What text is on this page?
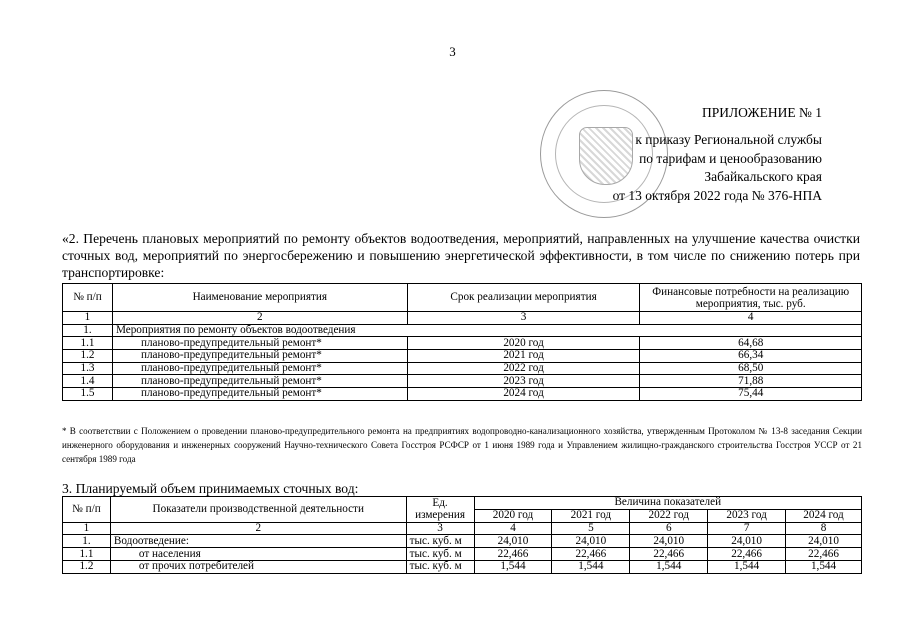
3
ПРИЛОЖЕНИЕ № 1
к приказу Региональной службы
по тарифам и ценообразованию
Забайкальского края
от 13 октября 2022 года № 376-НПА
«2. Перечень плановых мероприятий по ремонту объектов водоотведения, мероприятий, направленных на улучшение качества очистки сточных вод, мероприятий по энергосбережению и повышению энергетической эффективности, в том числе по снижению потерь при транспортировке:
№ п/п	Наименование мероприятия	Срок реализации мероприятия	Финансовые потребности на реализацию мероприятия, тыс. руб.
1	2	3	4
1.	Мероприятия по ремонту объектов водоотведения		
1.1	планово-предупредительный ремонт*	2020 год	64,68
1.2	планово-предупредительный ремонт*	2021 год	66,34
1.3	планово-предупредительный ремонт*	2022 год	68,50
1.4	планово-предупредительный ремонт*	2023 год	71,88
1.5	планово-предупредительный ремонт*	2024 год	75,44
* В соответствии с Положением о проведении планово-предупредительного ремонта на предприятиях водопроводно-канализационного хозяйства, утвержденным Протоколом № 13-8 заседания Секции инженерного оборудования и инженерных сооружений Научно-технического Совета Госстроя РСФСР от 1 июня 1989 года и Управлением жилищно-гражданского строительства Госстроя УССР от 21 сентября 1989 года
3. Планируемый объем принимаемых сточных вод:
№ п/п	Показатели производственной деятельности	Ед. измерения	Величина показателей				
			2020 год	2021 год	2022 год	2023 год	2024 год
1	2	3	4	5	6	7	8
1.	Водоотведение:	тыс. куб. м	24,010	24,010	24,010	24,010	24,010
1.1	от населения	тыс. куб. м	22,466	22,466	22,466	22,466	22,466
1.2	от прочих потребителей	тыс. куб. м	1,544	1,544	1,544	1,544	1,544
